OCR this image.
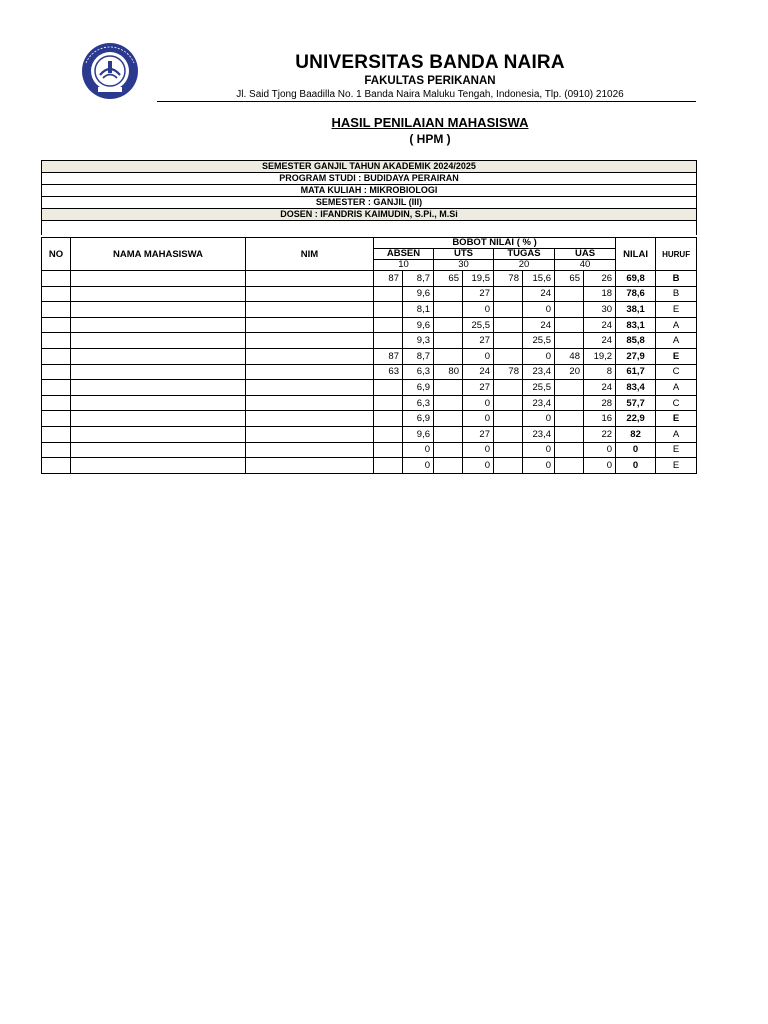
UNIVERSITAS BANDA NAIRA
FAKULTAS PERIKANAN
Jl. Said Tjong Baadilla No. 1 Banda Naira Maluku Tengah, Indonesia, Tlp. (0910) 21026
HASIL PENILAIAN MAHASISWA
( HPM )
SEMESTER GANJIL TAHUN AKADEMIK 2024/2025
PROGRAM STUDI : BUDIDAYA PERAIRAN
MATA KULIAH : MIKROBIOLOGI
SEMESTER : GANJIL (III)
DOSEN : IFANDRIS KAIMUDIN, S.Pi., M.Si
NO	NAMA MAHASISWA	NIM	BOBOT NILAI ( % )								NILAI	HURUF
			ABSEN		UTS		TUGAS		UAS			
			10		30		20		40			
			87	8,7	65	19,5	78	15,6	65	26	69,8	B
				9,6		27		24		18	78,6	B
				8,1		0		0		30	38,1	E
				9,6		25,5		24		24	83,1	A
				9,3		27		25,5		24	85,8	A
			87	8,7		0		0	48	19,2	27,9	E
			63	6,3	80	24	78	23,4	20	8	61,7	C
				6,9		27		25,5		24	83,4	A
				6,3		0		23,4		28	57,7	C
				6,9		0		0		16	22,9	E
				9,6		27		23,4		22	82	A
				0		0		0		0	0	E
				0		0		0		0	0	E
